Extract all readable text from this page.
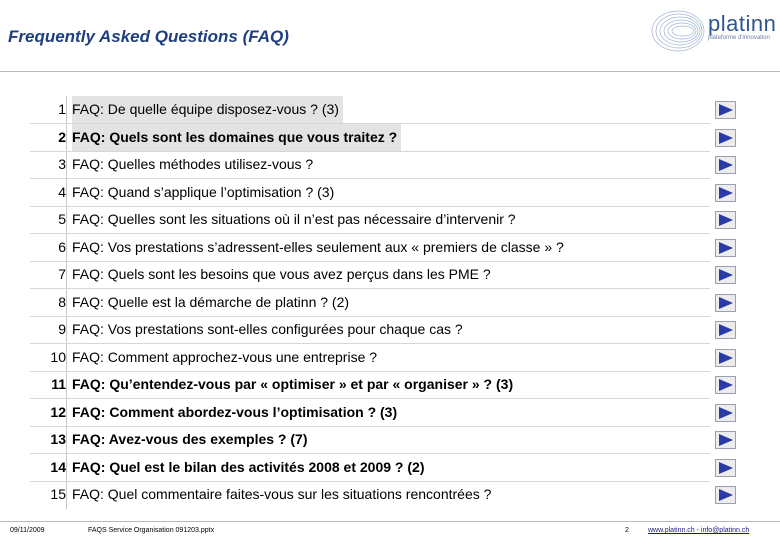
Frequently Asked Questions (FAQ)
platinn
plateforme d'innovation
1 FAQ: De quelle équipe disposez-vous ? (3)
2 FAQ: Quels sont les domaines que vous traitez ?
3 FAQ: Quelles méthodes utilisez-vous ?
4 FAQ: Quand s’applique l’optimisation ? (3)
5 FAQ: Quelles sont les situations où il n’est pas nécessaire d’intervenir ?
6 FAQ: Vos prestations s’adressent-elles seulement aux « premiers de classe » ?
7 FAQ: Quels sont les besoins que vous avez perçus dans les PME ?
8 FAQ: Quelle est la démarche de platinn ? (2)
9 FAQ: Vos prestations sont-elles configurées pour chaque cas ?
10 FAQ: Comment approchez-vous une entreprise ?
11 FAQ: Qu’entendez-vous par « optimiser » et par « organiser » ? (3)
12 FAQ: Comment abordez-vous l’optimisation ? (3)
13 FAQ: Avez-vous des exemples ? (7)
14 FAQ: Quel est le bilan des activités 2008 et 2009 ? (2)
15 FAQ: Quel commentaire faites-vous sur les situations rencontrées ?
09/11/2009	FAQS Service Organisation 091203.pptx	2	www.platinn.ch - info@platinn.ch
